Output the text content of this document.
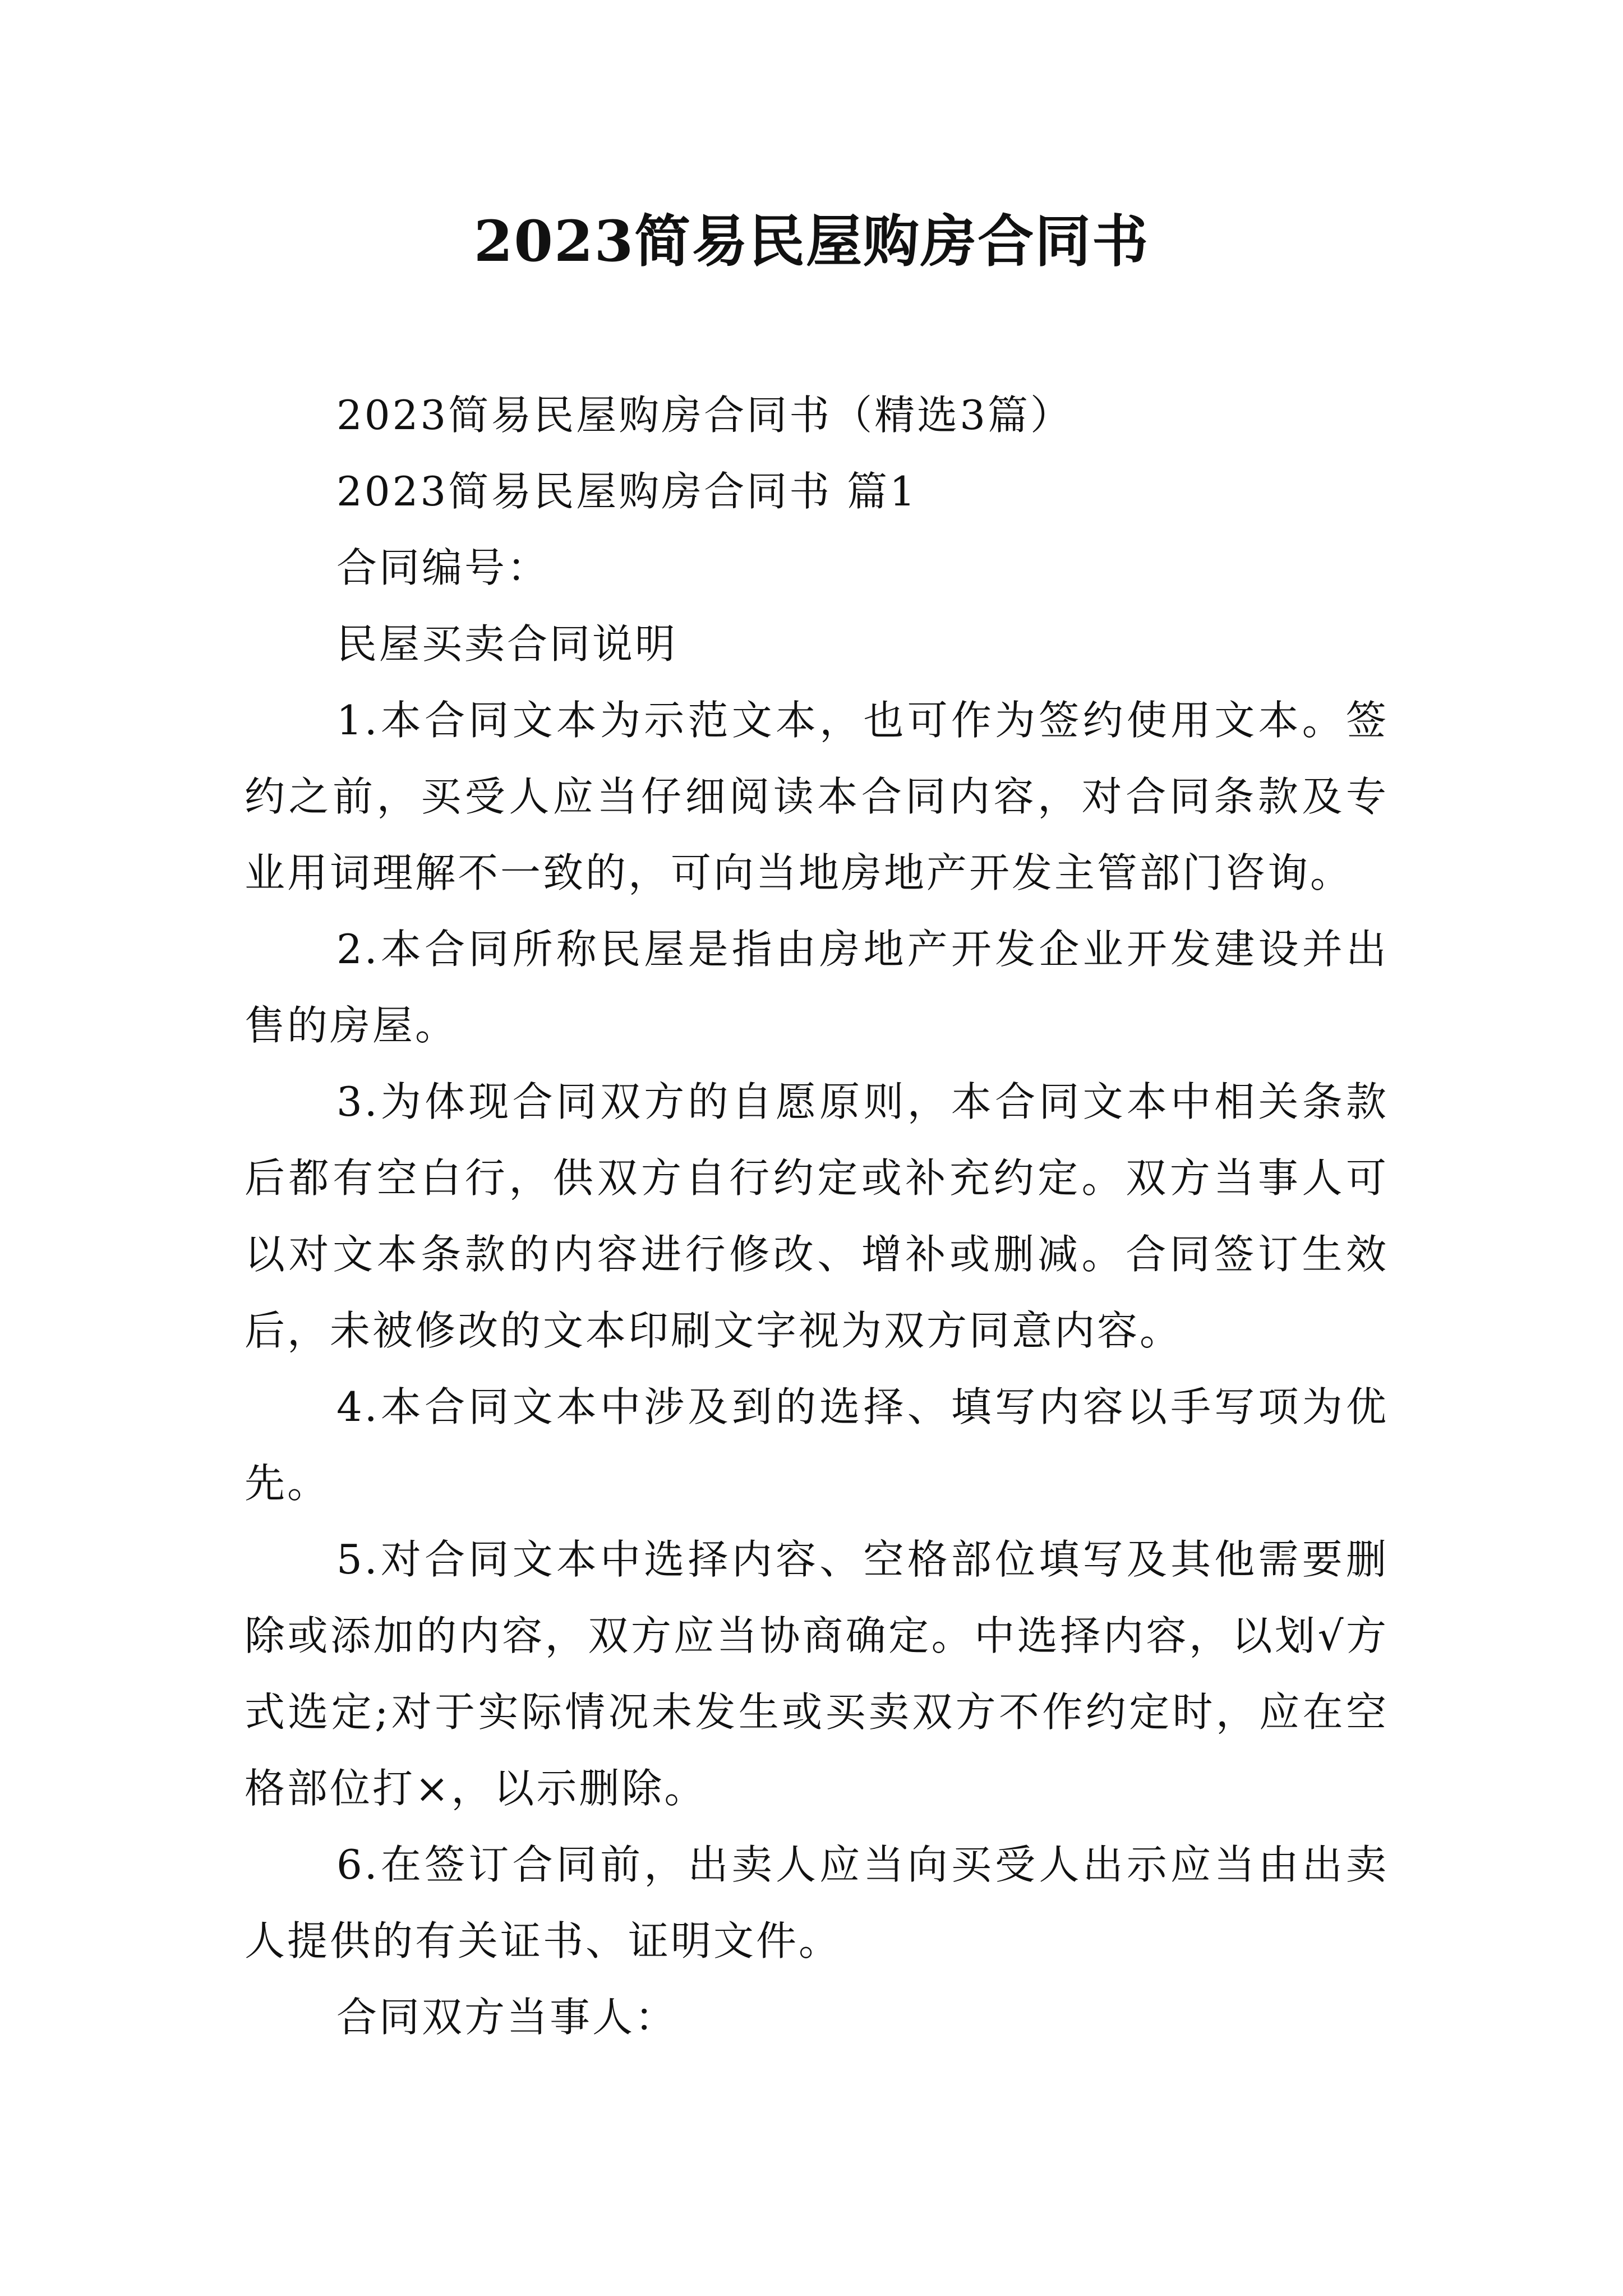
2023简易民屋购房合同书

2023简易民屋购房合同书（精选3篇）

2023简易民屋购房合同书 篇1

合同编号：

民屋买卖合同说明

1.本合同文本为示范文本，也可作为签约使用文本。签约之前，买受人应当仔细阅读本合同内容，对合同条款及专业用词理解不一致的，可向当地房地产开发主管部门咨询。

2.本合同所称民屋是指由房地产开发企业开发建设并出售的房屋。

3.为体现合同双方的自愿原则，本合同文本中相关条款后都有空白行，供双方自行约定或补充约定。双方当事人可以对文本条款的内容进行修改、增补或删减。合同签订生效后，未被修改的文本印刷文字视为双方同意内容。

4.本合同文本中涉及到的选择、填写内容以手写项为优先。

5.对合同文本中选择内容、空格部位填写及其他需要删除或添加的内容，双方应当协商确定。中选择内容，以划√方式选定;对于实际情况未发生或买卖双方不作约定时，应在空格部位打×，以示删除。

6.在签订合同前，出卖人应当向买受人出示应当由出卖人提供的有关证书、证明文件。

合同双方当事人：
